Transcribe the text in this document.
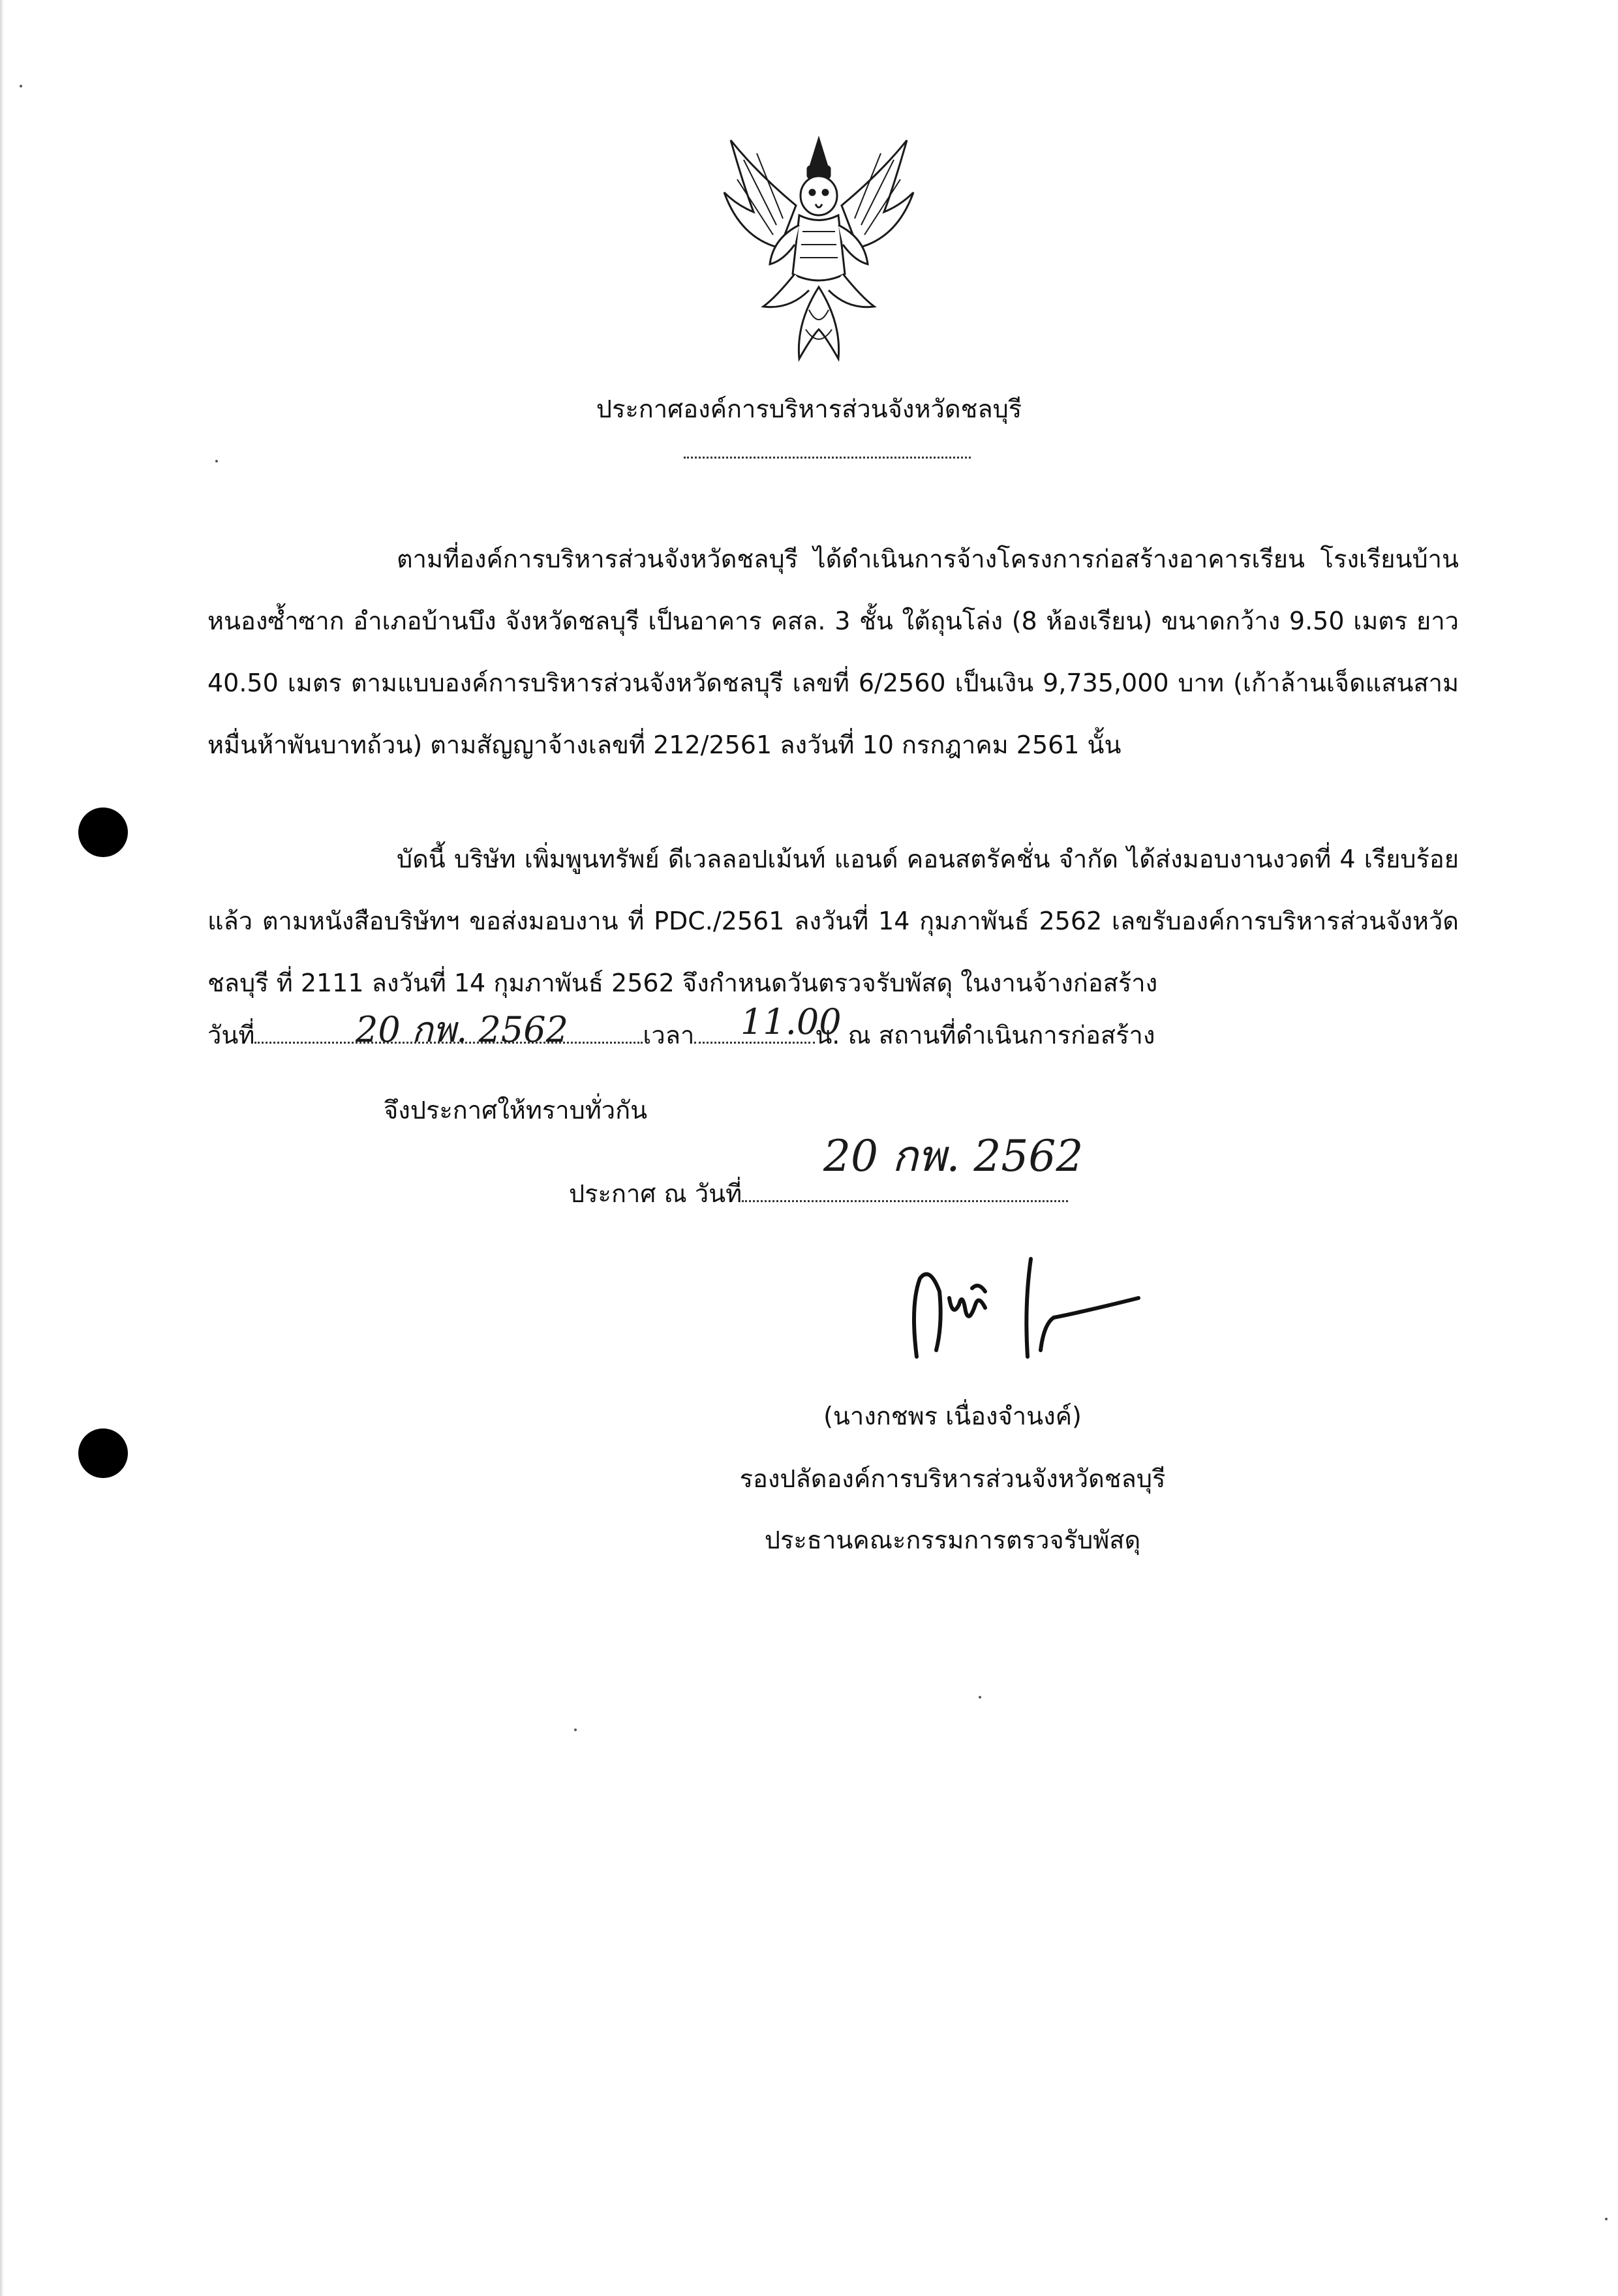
ประกาศองค์การบริหารส่วนจังหวัดชลบุรี
ตามที่องค์การบริหารส่วนจังหวัดชลบุรี ได้ดำเนินการจ้างโครงการก่อสร้างอาคารเรียน โรงเรียนบ้านหนองซ้ำซาก อำเภอบ้านบึง จังหวัดชลบุรี เป็นอาคาร คสล. 3 ชั้น ใต้ถุนโล่ง (8 ห้องเรียน) ขนาดกว้าง 9.50 เมตร ยาว 40.50 เมตร ตามแบบองค์การบริหารส่วนจังหวัดชลบุรี เลขที่ 6/2560 เป็นเงิน 9,735,000 บาท (เก้าล้านเจ็ดแสนสามหมื่นห้าพันบาทถ้วน) ตามสัญญาจ้างเลขที่ 212/2561 ลงวันที่ 10 กรกฎาคม 2561 นั้น
บัดนี้ บริษัท เพิ่มพูนทรัพย์ ดีเวลลอปเม้นท์ แอนด์ คอนสตรัคชั่น จำกัด ได้ส่งมอบงานงวดที่ 4 เรียบร้อยแล้ว ตามหนังสือบริษัทฯ ขอส่งมอบงาน ที่ PDC./2561 ลงวันที่ 14 กุมภาพันธ์ 2562 เลขรับองค์การบริหารส่วนจังหวัดชลบุรี ที่ 2111 ลงวันที่ 14 กุมภาพันธ์ 2562 จึงกำหนดวันตรวจรับพัสดุ ในงานจ้างก่อสร้าง
วันที่	เวลา	น. ณ สถานที่ดำเนินการก่อสร้าง
20 กพ. 2562	11.00
จึงประกาศให้ทราบทั่วกัน
20 กพ. 2562
ประกาศ ณ วันที่
(นางกชพร เนื่องจำนงค์)
รองปลัดองค์การบริหารส่วนจังหวัดชลบุรี
ประธานคณะกรรมการตรวจรับพัสดุ
